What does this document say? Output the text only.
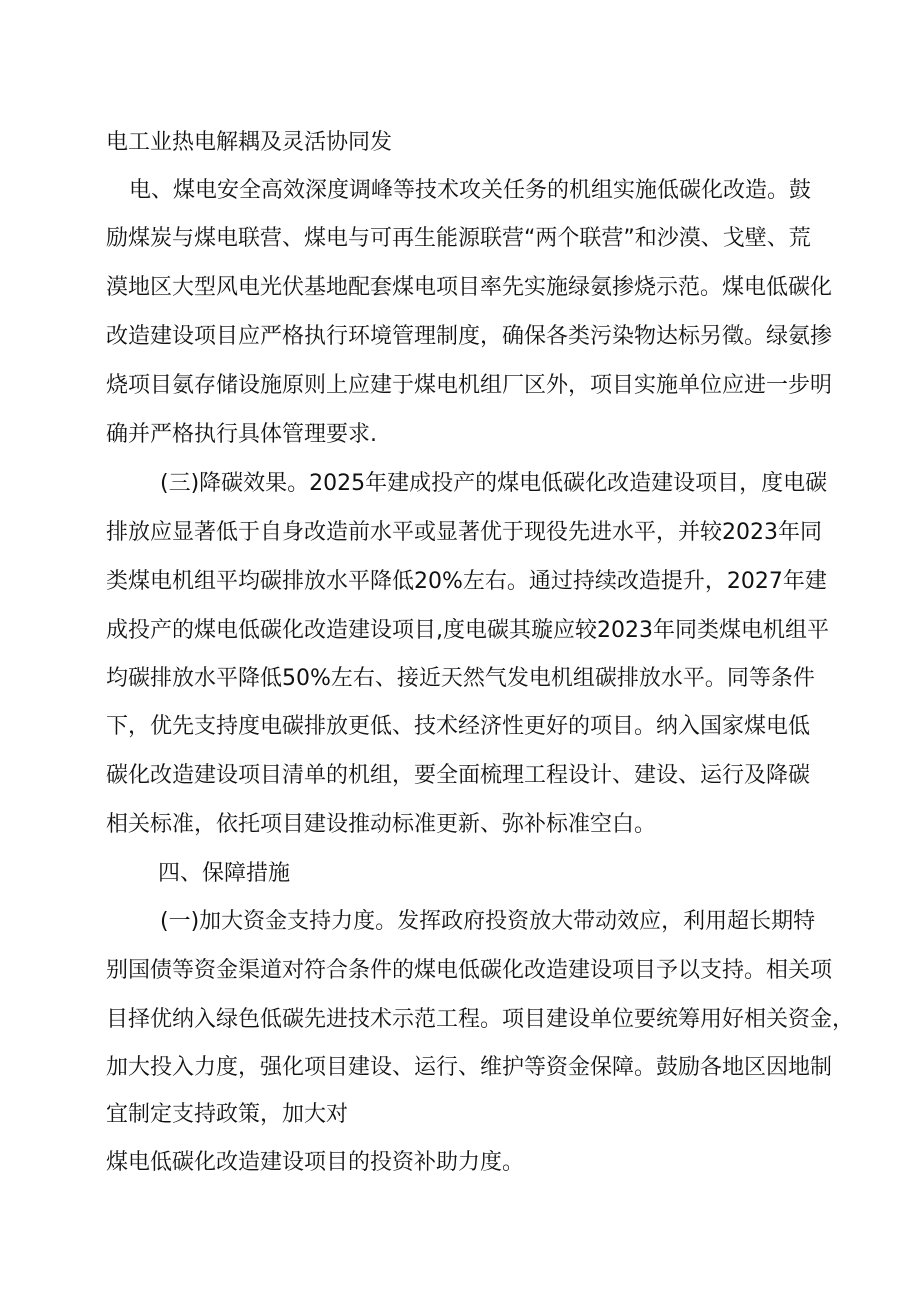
电工业热电解耦及灵活协同发
电、煤电安全高效深度调峰等技术攻关任务的机组实施低碳化改造。鼓
励煤炭与煤电联营、煤电与可再生能源联营“两个联营”和沙漠、戈壁、荒
漠地区大型风电光伏基地配套煤电项目率先实施绿氨掺烧示范。煤电低碳化
改造建设项目应严格执行环境管理制度，确保各类污染物达标另徵。绿氨掺
烧项目氨存储设施原则上应建于煤电机组厂区外，项目实施单位应进一步明
确并严格执行具体管理要求.
(三)降碳效果。2025年建成投产的煤电低碳化改造建设项目，度电碳
排放应显著低于自身改造前水平或显著优于现役先进水平，并较2023年同
类煤电机组平均碳排放水平降低20%左右。通过持续改造提升，2027年建
成投产的煤电低碳化改造建设项目,度电碳其璇应较2023年同类煤电机组平
均碳排放水平降低50%左右、接近天然气发电机组碳排放水平。同等条件
下，优先支持度电碳排放更低、技术经济性更好的项目。纳入国家煤电低
碳化改造建设项目清单的机组，要全面梳理工程设计、建设、运行及降碳
相关标准，依托项目建设推动标准更新、弥补标准空白。
四、保障措施
(一)加大资金支持力度。发挥政府投资放大带动效应，利用超长期特
别国债等资金渠道对符合条件的煤电低碳化改造建设项目予以支持。相关项
目择优纳入绿色低碳先进技术示范工程。项目建设单位要统筹用好相关资金，
加大投入力度，强化项目建设、运行、维护等资金保障。鼓励各地区因地制
宜制定支持政策，加大对
煤电低碳化改造建设项目的投资补助力度。
